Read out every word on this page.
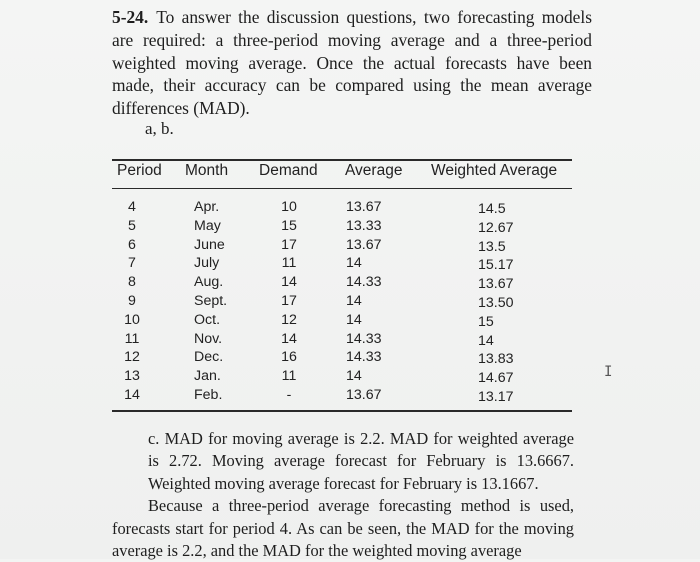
5-24. To answer the discussion questions, two forecasting models are required: a three-period moving average and a three-period weighted moving average. Once the actual forecasts have been made, their accuracy can be compared using the mean average differences (MAD).

a, b.
Period Month Demand Average Weighted Average
4
5
6
7
8
9
10
11
12
13
14
Apr.
May
June
July
Aug.
Sept.
Oct.
Nov.
Dec.
Jan.
Feb.
10
15
17
11
14
17
12
14
16
11
-
13.67
13.33
13.67
14
14.33
14
14
14.33
14.33
14
13.67
14.5
12.67
13.5
15.17
13.67
13.50
15
14
13.83
14.67
13.17

c. MAD for moving average is 2.2. MAD for weighted average is 2.72. Moving average forecast for February is 13.6667. Weighted moving average forecast for February is 13.1667.

Because a three-period average forecasting method is used, forecasts start for period 4. As can be seen, the MAD for the moving average is 2.2, and the MAD for the weighted moving average

I
